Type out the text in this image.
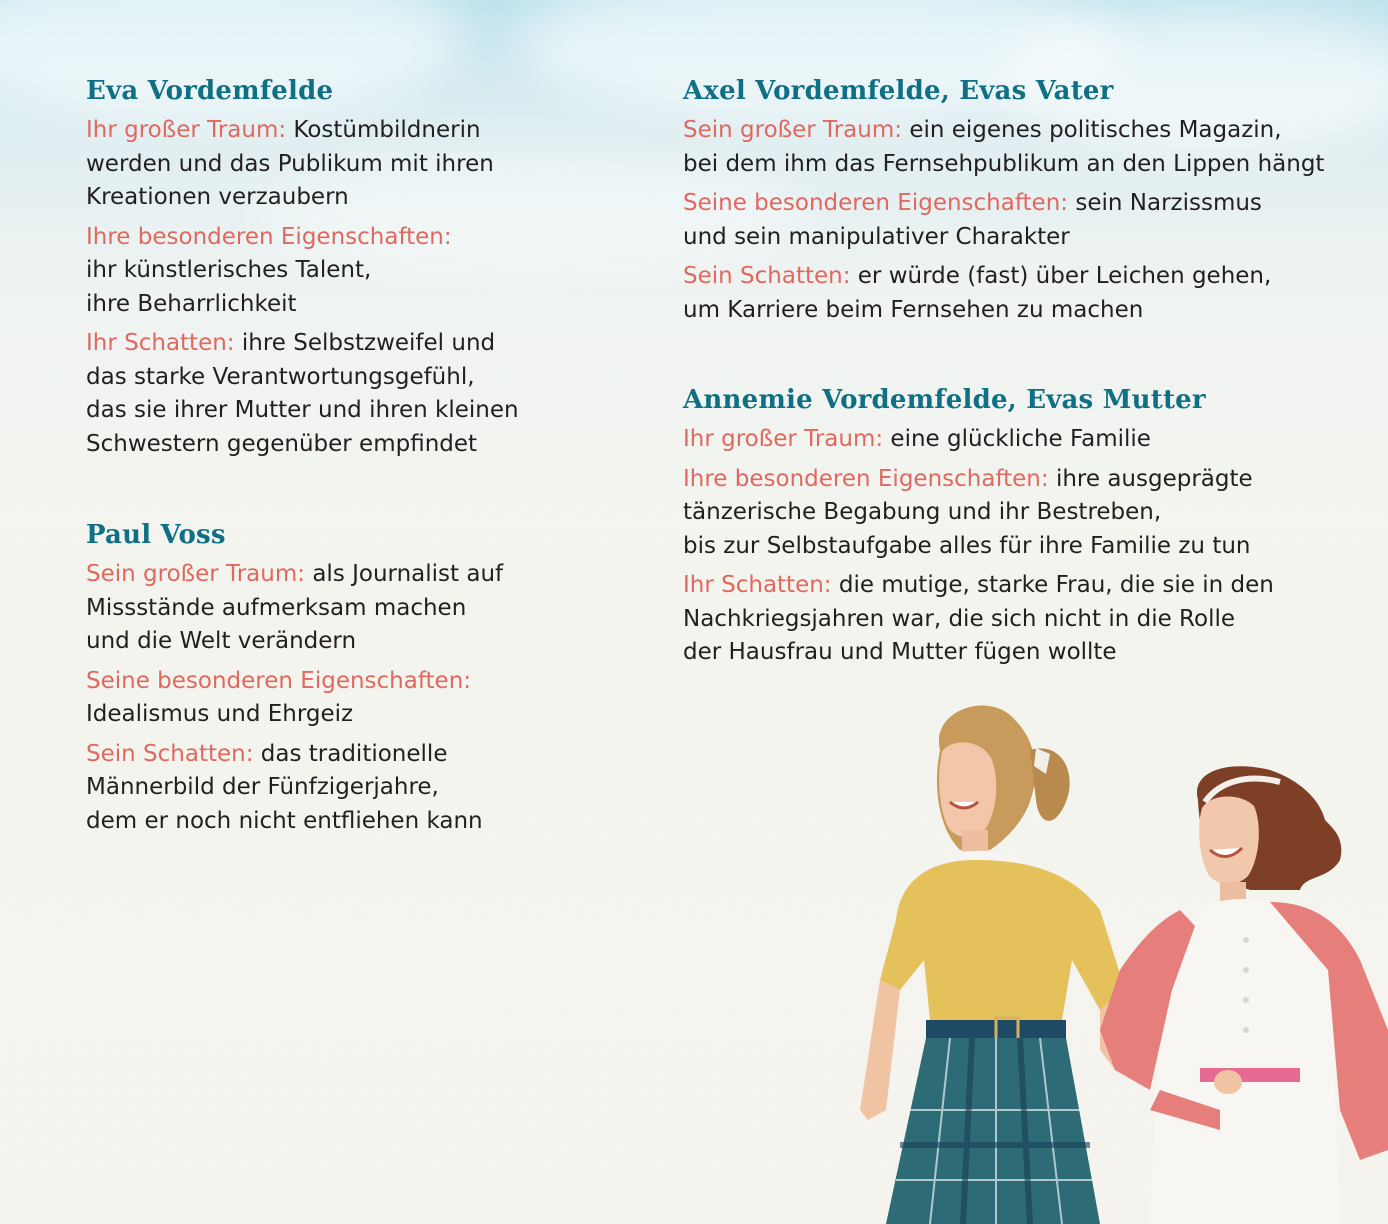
Eva Vordemfelde

Ihr großer Traum: Kostümbildnerin
werden und das Publikum mit ihren
Kreationen verzaubern

Ihre besonderen Eigenschaften:
ihr künstlerisches Talent,
ihre Beharrlichkeit

Ihr Schatten: ihre Selbstzweifel und
das starke Verantwortungsgefühl,
das sie ihrer Mutter und ihren kleinen
Schwestern gegenüber empfindet

Paul Voss

Sein großer Traum: als Journalist auf
Missstände aufmerksam machen
und die Welt verändern

Seine besonderen Eigenschaften:
Idealismus und Ehrgeiz

Sein Schatten: das traditionelle
Männerbild der Fünfzigerjahre,
dem er noch nicht entfliehen kann

Axel Vordemfelde, Evas Vater

Sein großer Traum: ein eigenes politisches Magazin,
bei dem ihm das Fernsehpublikum an den Lippen hängt

Seine besonderen Eigenschaften: sein Narzissmus
und sein manipulativer Charakter

Sein Schatten: er würde (fast) über Leichen gehen,
um Karriere beim Fernsehen zu machen

Annemie Vordemfelde, Evas Mutter

Ihr großer Traum: eine glückliche Familie

Ihre besonderen Eigenschaften: ihre ausgeprägte
tänzerische Begabung und ihr Bestreben,
bis zur Selbstaufgabe alles für ihre Familie zu tun

Ihr Schatten: die mutige, starke Frau, die sie in den
Nachkriegsjahren war, die sich nicht in die Rolle
der Hausfrau und Mutter fügen wollte
